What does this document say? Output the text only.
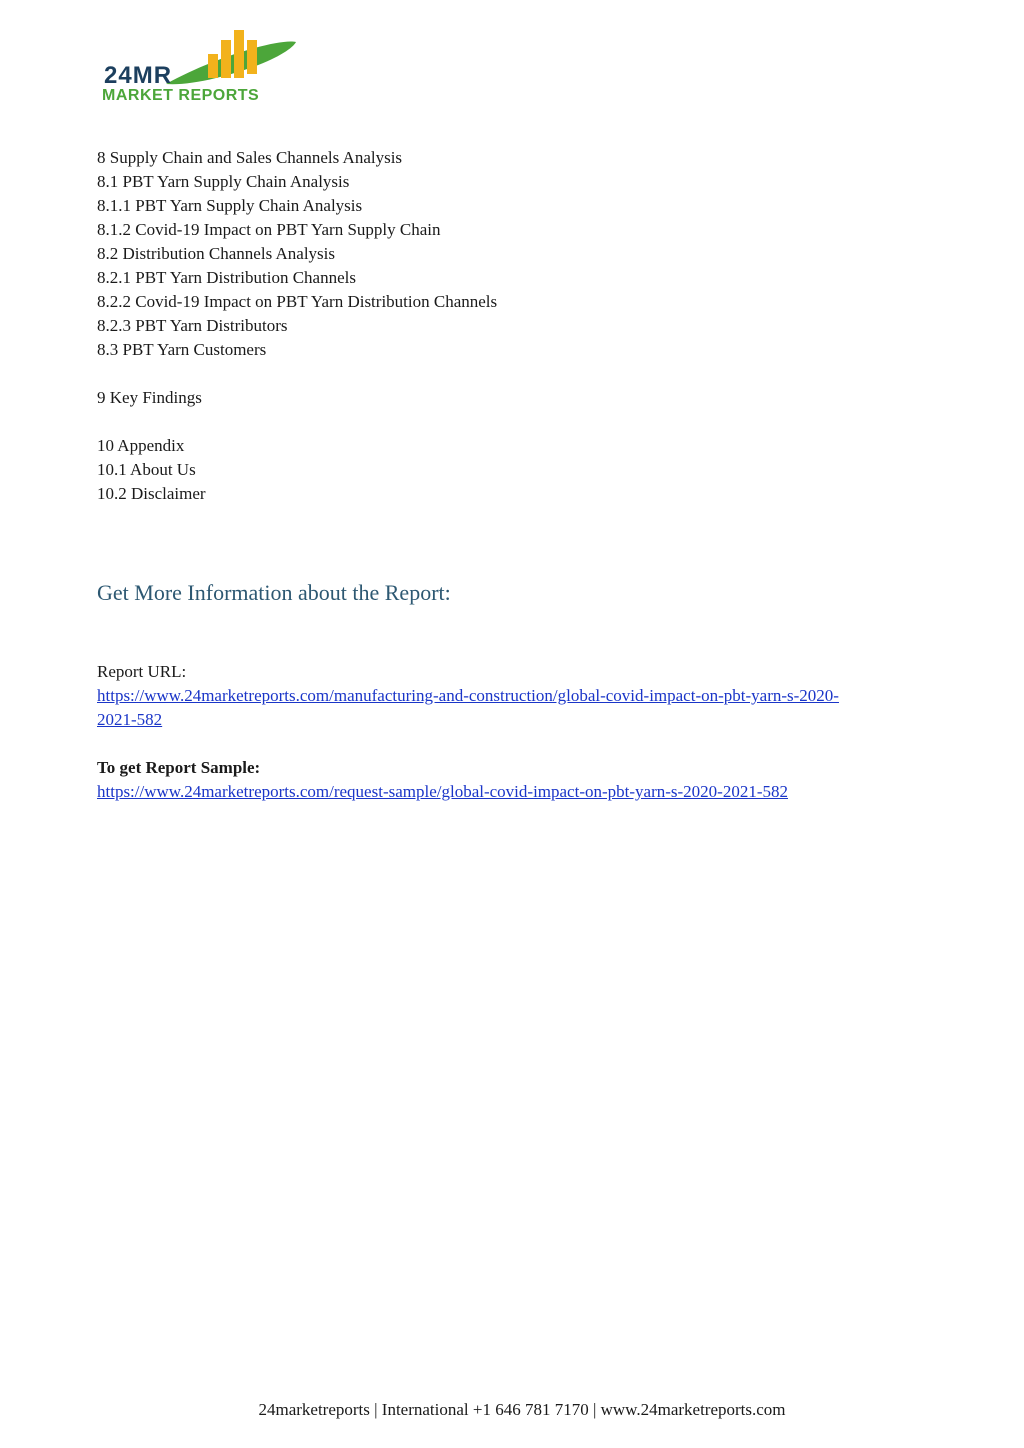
24MR
MARKET REPORTS
8 Supply Chain and Sales Channels Analysis
8.1 PBT Yarn Supply Chain Analysis
8.1.1 PBT Yarn Supply Chain Analysis
8.1.2 Covid-19 Impact on PBT Yarn Supply Chain
8.2 Distribution Channels Analysis
8.2.1 PBT Yarn Distribution Channels
8.2.2 Covid-19 Impact on PBT Yarn Distribution Channels
8.2.3 PBT Yarn Distributors
8.3 PBT Yarn Customers
9 Key Findings
10 Appendix
10.1 About Us
10.2 Disclaimer
Get More Information about the Report:
Report URL:
https://www.24marketreports.com/manufacturing-and-construction/global-covid-impact-on-pbt-yarn-s-2020-
2021-582
To get Report Sample:
https://www.24marketreports.com/request-sample/global-covid-impact-on-pbt-yarn-s-2020-2021-582
24marketreports | International +1 646 781 7170 | www.24marketreports.com
